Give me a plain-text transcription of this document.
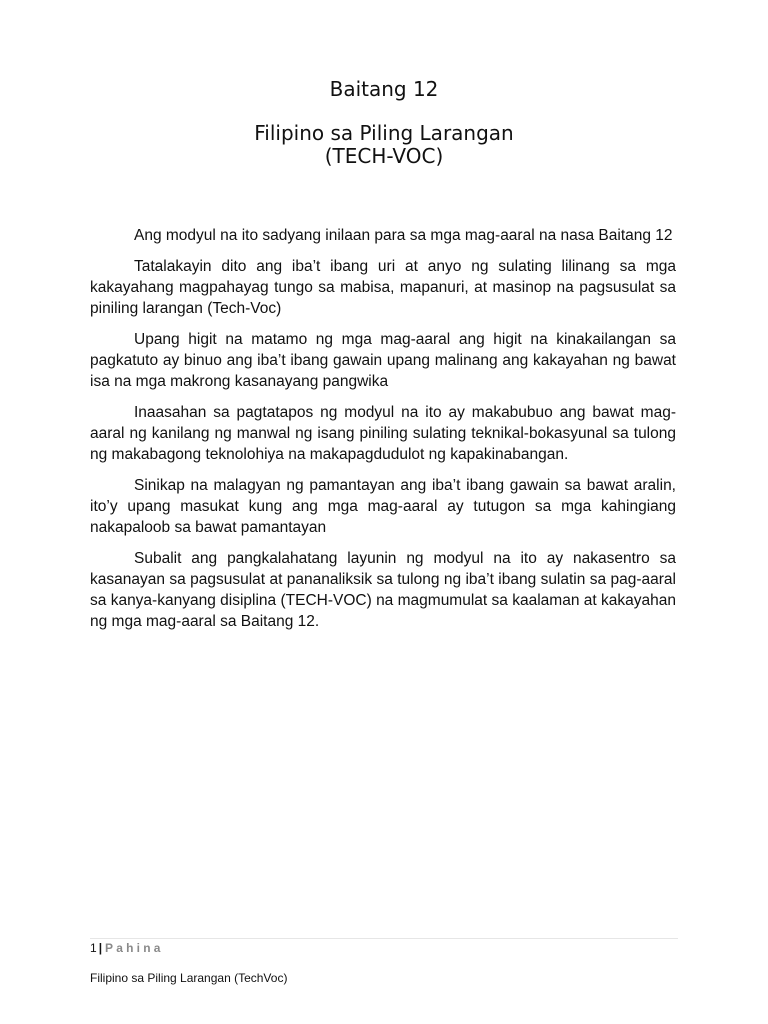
Baitang 12

Filipino sa Piling Larangan

(TECH-VOC)

Ang modyul na ito sadyang inilaan para sa mga mag-aaral na nasa Baitang 12

Tatalakayin dito ang iba’t ibang uri at anyo ng sulating lilinang sa mga kakayahang magpahayag tungo sa mabisa, mapanuri, at masinop na pagsusulat sa piniling larangan (Tech-Voc)

Upang higit na matamo ng mga mag-aaral ang higit na kinakailangan sa pagkatuto ay binuo ang iba’t ibang gawain upang malinang ang kakayahan ng bawat isa na mga makrong kasanayang pangwika

Inaasahan sa pagtatapos ng modyul na ito ay makabubuo ang bawat mag-aaral ng kanilang ng manwal ng isang piniling sulating teknikal-bokasyunal sa tulong ng makabagong teknolohiya na makapagdudulot ng kapakinabangan.

Sinikap na malagyan ng pamantayan ang iba’t ibang gawain sa bawat aralin, ito’y upang masukat kung ang mga mag-aaral ay tutugon sa mga kahingiang nakapaloob sa bawat pamantayan

Subalit ang pangkalahatang layunin ng modyul na ito ay nakasentro sa kasanayan sa pagsusulat at pananaliksik sa tulong ng iba’t ibang sulatin sa pag-aaral sa kanya-kanyang disiplina (TECH-VOC) na magmumulat sa kaalaman at kakayahan ng mga mag-aaral sa Baitang 12.

1 | Pahina
Filipino sa Piling Larangan (TechVoc)
